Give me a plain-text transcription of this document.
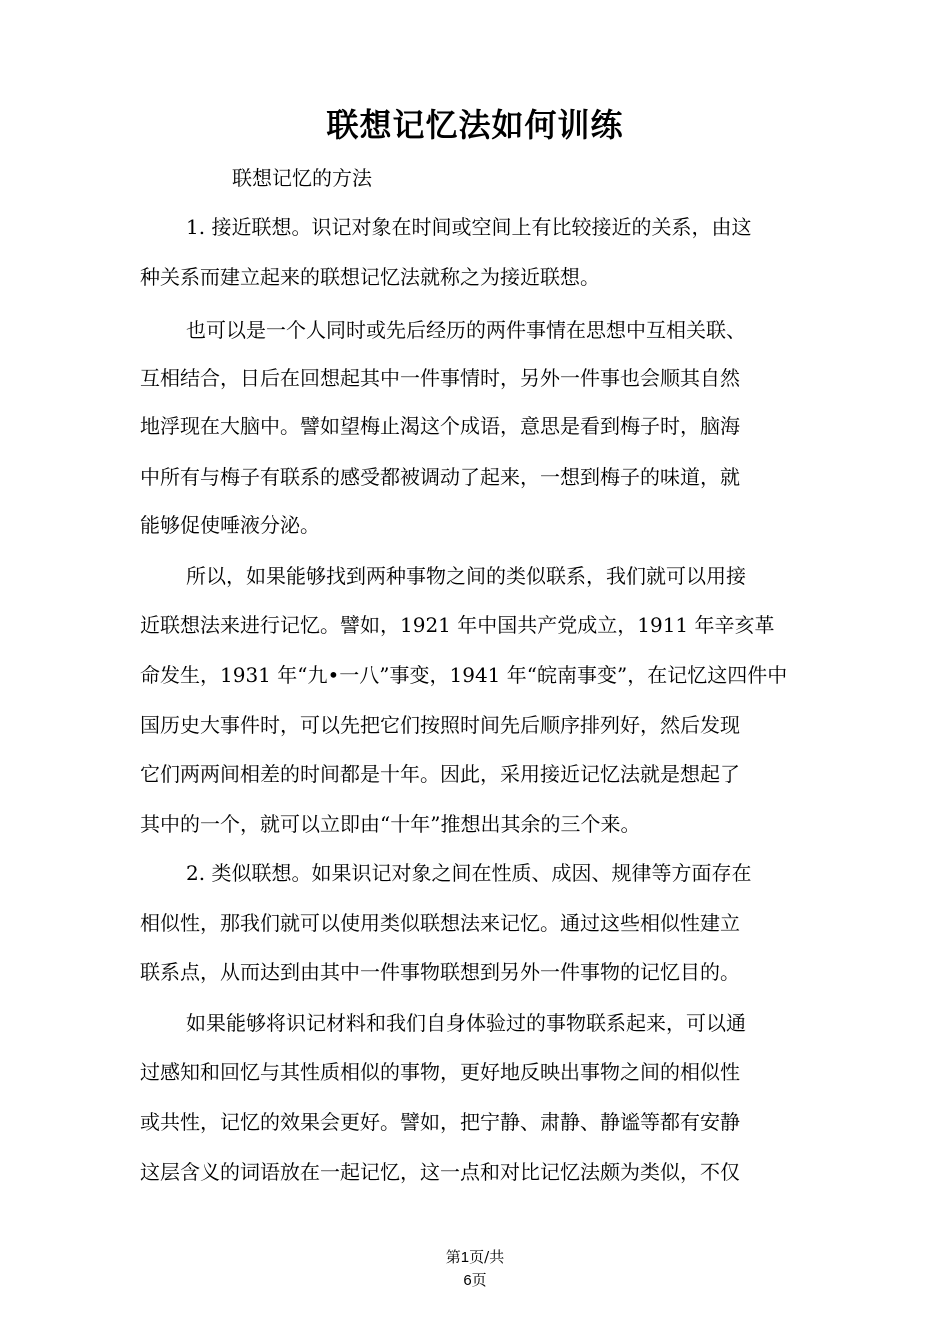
联想记忆法如何训练
联想记忆的方法
1. 接近联想。识记对象在时间或空间上有比较接近的关系，由这
种关系而建立起来的联想记忆法就称之为接近联想。
也可以是一个人同时或先后经历的两件事情在思想中互相关联、
互相结合，日后在回想起其中一件事情时，另外一件事也会顺其自然
地浮现在大脑中。譬如望梅止渴这个成语，意思是看到梅子时，脑海
中所有与梅子有联系的感受都被调动了起来，一想到梅子的味道，就
能够促使唾液分泌。
所以，如果能够找到两种事物之间的类似联系，我们就可以用接
近联想法来进行记忆。譬如，1921 年中国共产党成立，1911 年辛亥革
命发生，1931 年“九•一八”事变，1941 年“皖南事变”，在记忆这四件中
国历史大事件时，可以先把它们按照时间先后顺序排列好，然后发现
它们两两间相差的时间都是十年。因此，采用接近记忆法就是想起了
其中的一个，就可以立即由“十年”推想出其余的三个来。
2. 类似联想。如果识记对象之间在性质、成因、规律等方面存在
相似性，那我们就可以使用类似联想法来记忆。通过这些相似性建立
联系点，从而达到由其中一件事物联想到另外一件事物的记忆目的。
如果能够将识记材料和我们自身体验过的事物联系起来，可以通
过感知和回忆与其性质相似的事物，更好地反映出事物之间的相似性
或共性，记忆的效果会更好。譬如，把宁静、肃静、静谧等都有安静
这层含义的词语放在一起记忆，这一点和对比记忆法颇为类似，不仅
第1页/共
6页
